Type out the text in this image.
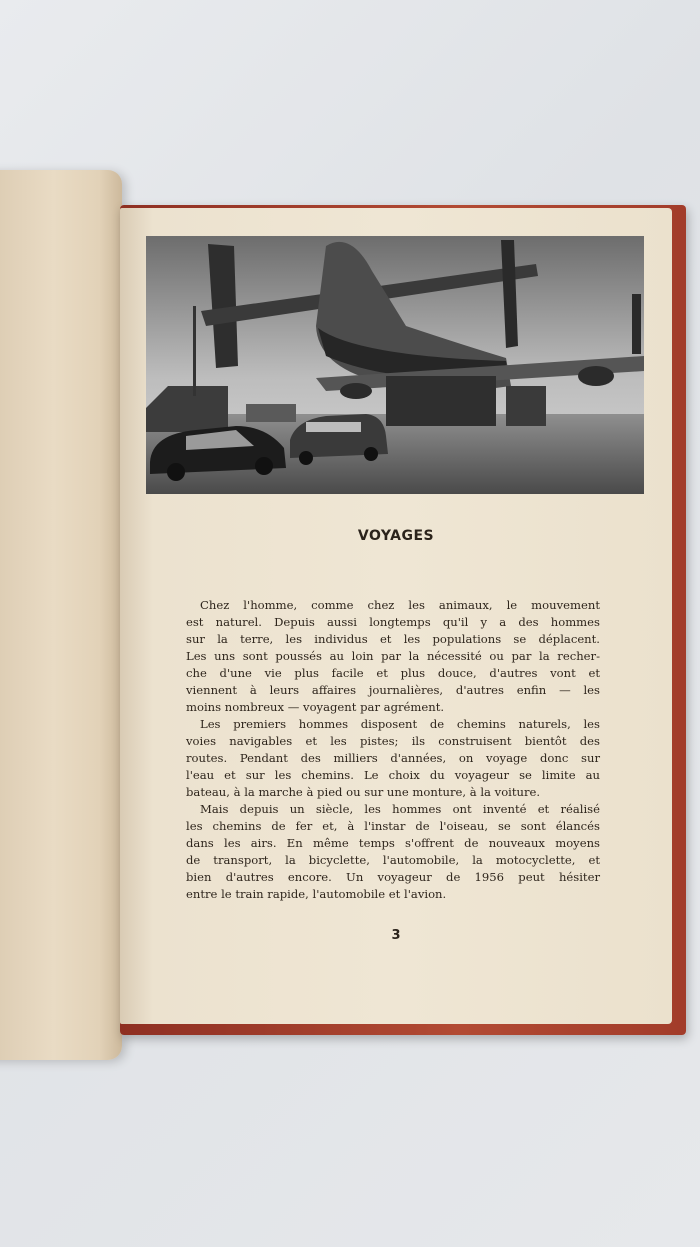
VOYAGES

Chez l'homme, comme chez les animaux, le mouvement
est naturel. Depuis aussi longtemps qu'il y a des hommes
sur la terre, les individus et les populations se déplacent.
Les uns sont poussés au loin par la nécessité ou par la recher-
che d'une vie plus facile et plus douce, d'autres vont et
viennent à leurs affaires journalières, d'autres enfin — les
moins nombreux — voyagent par agrément.

Les premiers hommes disposent de chemins naturels, les
voies navigables et les pistes; ils construisent bientôt des
routes. Pendant des milliers d'années, on voyage donc sur
l'eau et sur les chemins. Le choix du voyageur se limite au
bateau, à la marche à pied ou sur une monture, à la voiture.

Mais depuis un siècle, les hommes ont inventé et réalisé
les chemins de fer et, à l'instar de l'oiseau, se sont élancés
dans les airs. En même temps s'offrent de nouveaux moyens
de transport, la bicyclette, l'automobile, la motocyclette, et
bien d'autres encore. Un voyageur de 1956 peut hésiter
entre le train rapide, l'automobile et l'avion.

3
